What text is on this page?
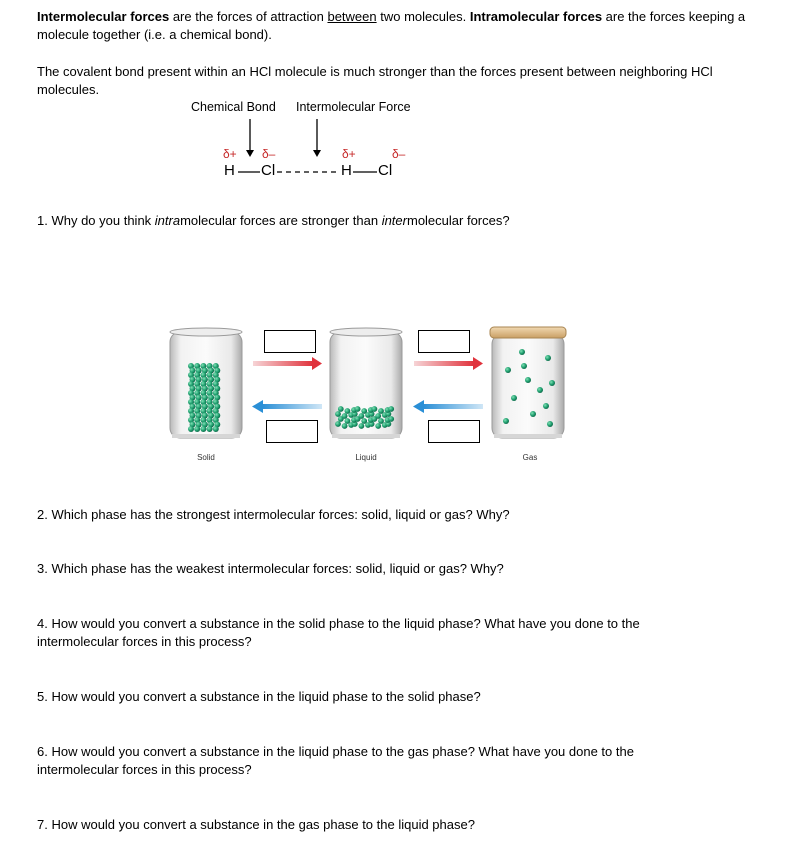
Intermolecular forces are the forces of attraction between two molecules. Intramolecular forces are the forces keeping a molecule together (i.e. a chemical bond).

The covalent bond present within an HCl molecule is much stronger than the forces present between neighboring HCl molecules.

Chemical Bond Intermolecular Force
δ+ δ–	δ+	δ–
H Cl	H Cl

1. Why do you think intramolecular forces are stronger than intermolecular forces?

Solid	Liquid	Gas

2. Which phase has the strongest intermolecular forces: solid, liquid or gas? Why?

3. Which phase has the weakest intermolecular forces: solid, liquid or gas? Why?

4. How would you convert a substance in the solid phase to the liquid phase? What have you done to the intermolecular forces in this process?

5. How would you convert a substance in the liquid phase to the solid phase?

6. How would you convert a substance in the liquid phase to the gas phase? What have you done to the intermolecular forces in this process?

7. How would you convert a substance in the gas phase to the liquid phase?
